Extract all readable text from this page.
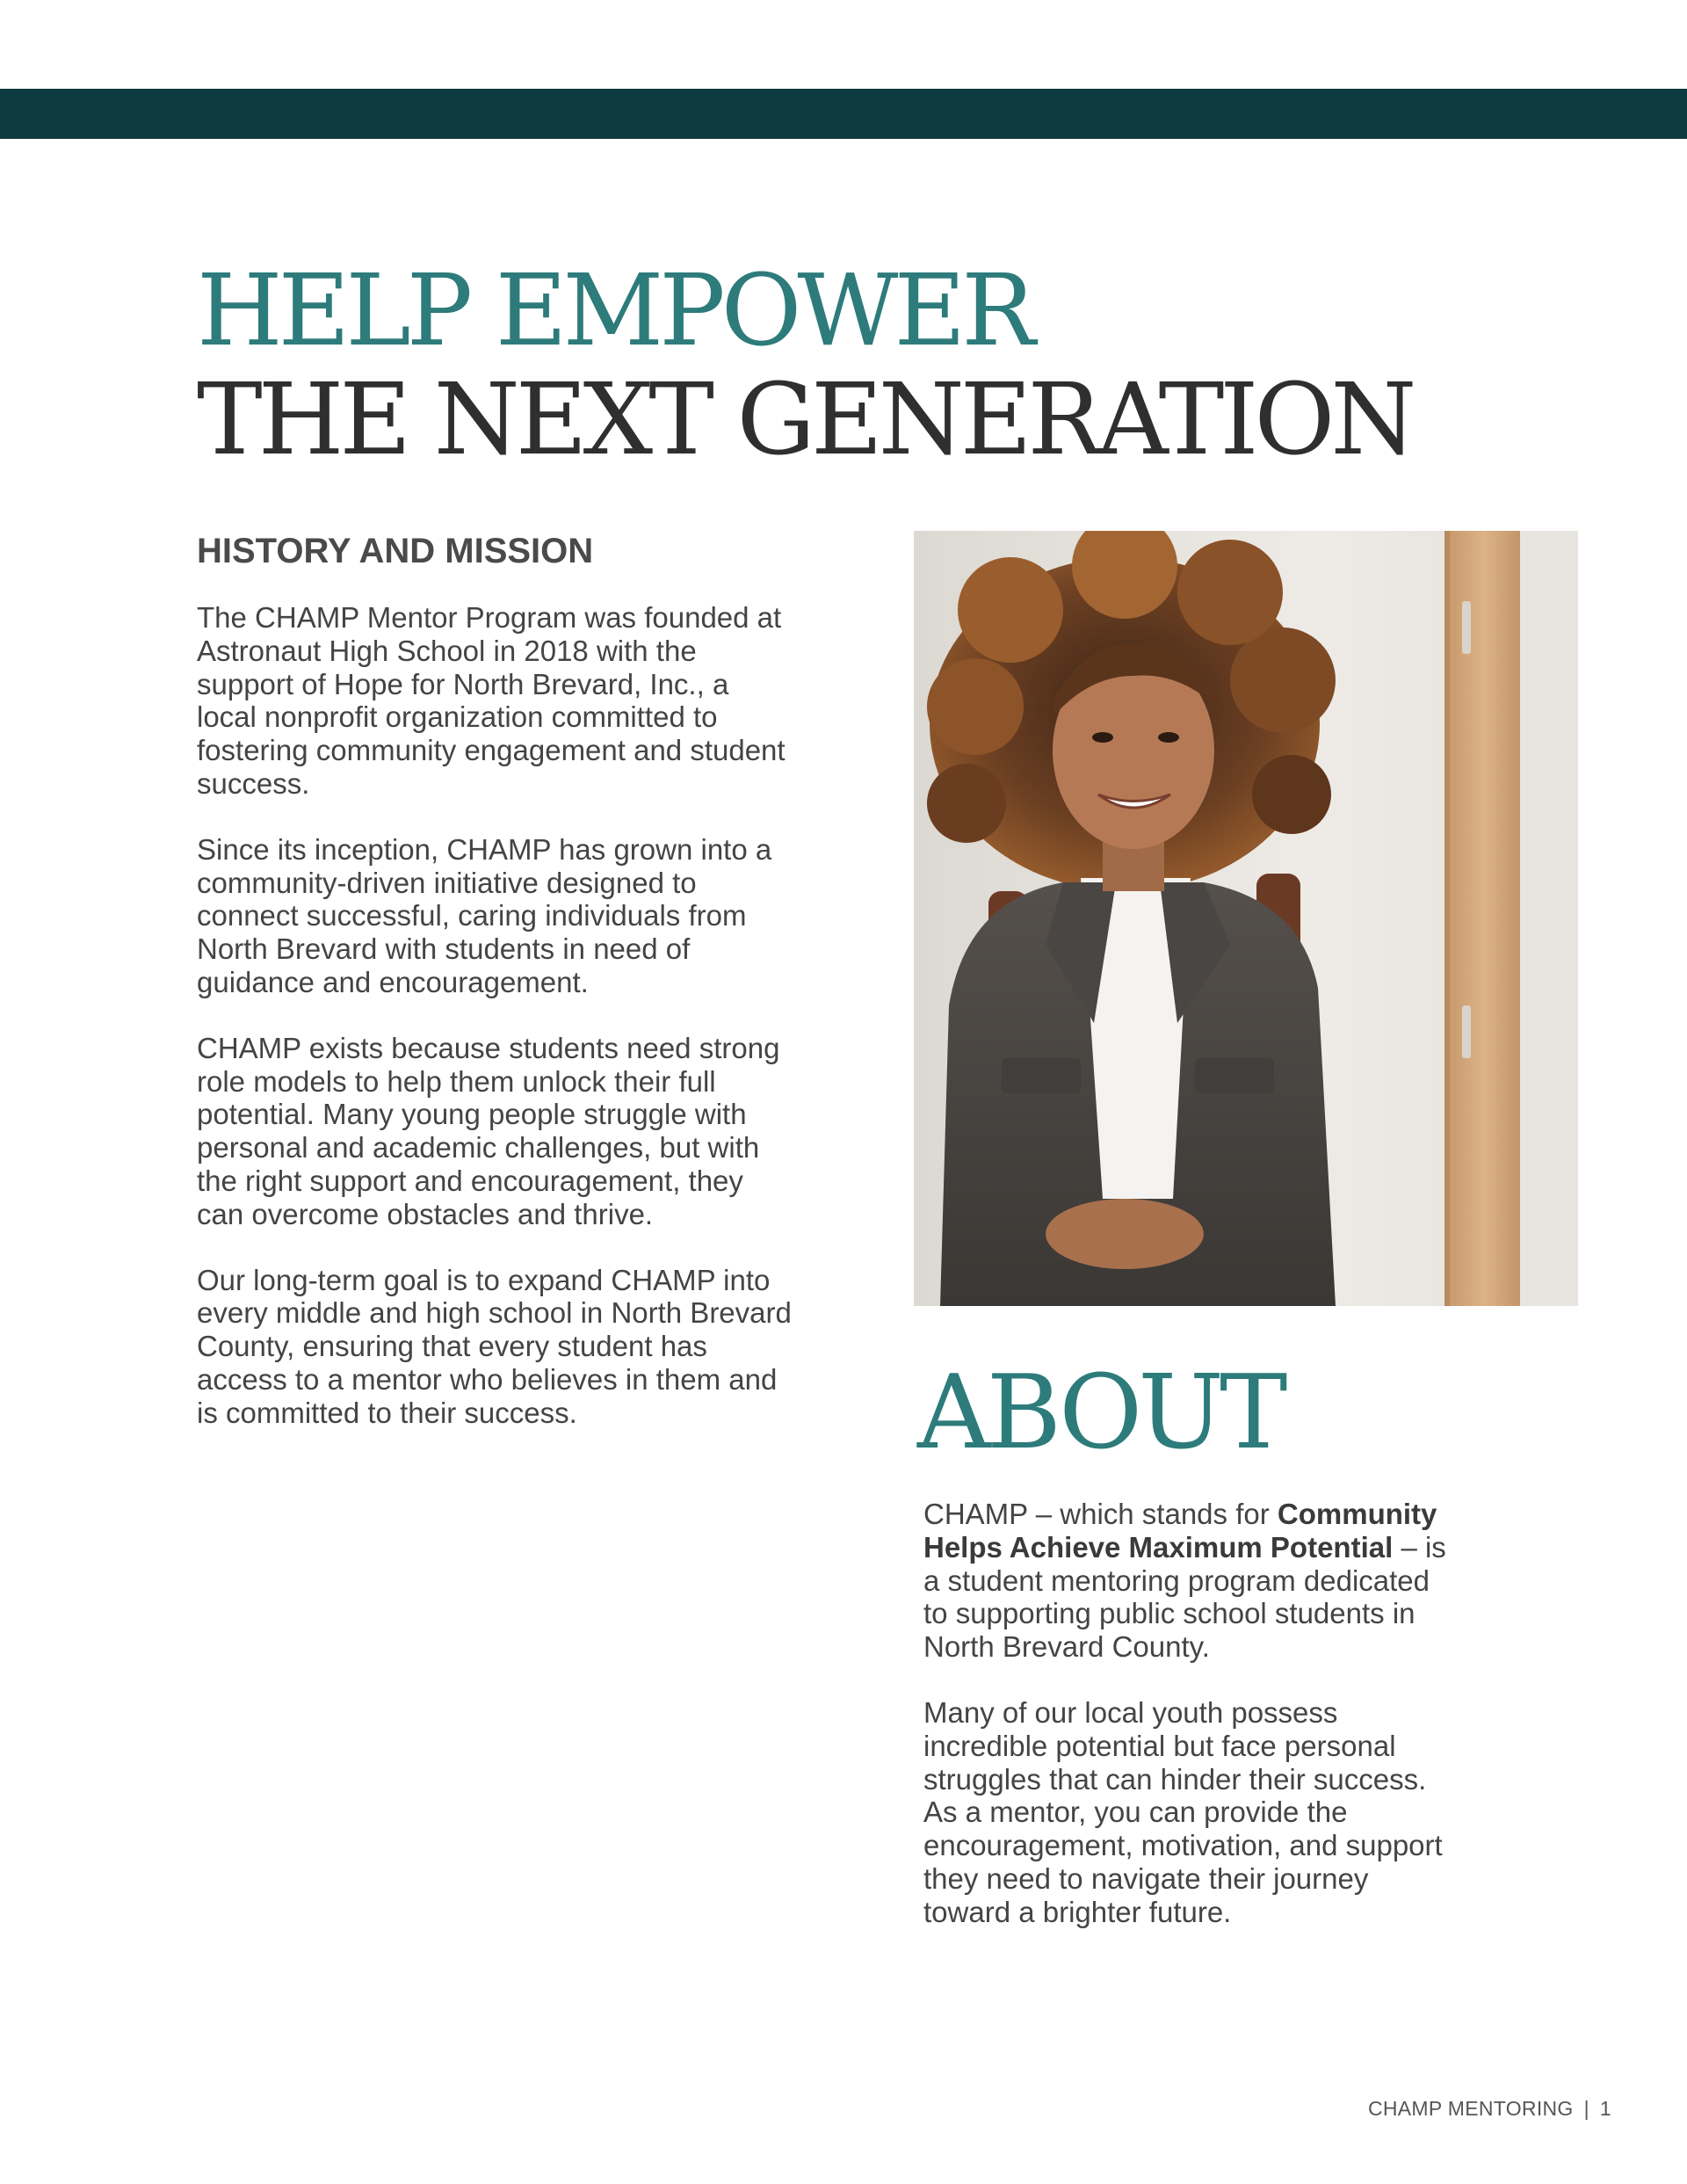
HELP EMPOWER
THE NEXT GENERATION
HISTORY AND MISSION

The CHAMP Mentor Program was founded at Astronaut High School in 2018 with the support of Hope for North Brevard, Inc., a local nonprofit organization committed to fostering community engagement and student success.

Since its inception, CHAMP has grown into a community-driven initiative designed to connect successful, caring individuals from North Brevard with students in need of guidance and encouragement.

CHAMP exists because students need strong role models to help them unlock their full potential. Many young people struggle with personal and academic challenges, but with the right support and encouragement, they can overcome obstacles and thrive.

Our long-term goal is to expand CHAMP into every middle and high school in North Brevard County, ensuring that every student has access to a mentor who believes in them and is committed to their success.	ABOUT

CHAMP – which stands for Community Helps Achieve Maximum Potential – is a student mentoring program dedicated to supporting public school students in North Brevard County.

Many of our local youth possess incredible potential but face personal struggles that can hinder their success. As a mentor, you can provide the encouragement, motivation, and support they need to navigate their journey toward a brighter future.

CHAMP MENTORING | 1
